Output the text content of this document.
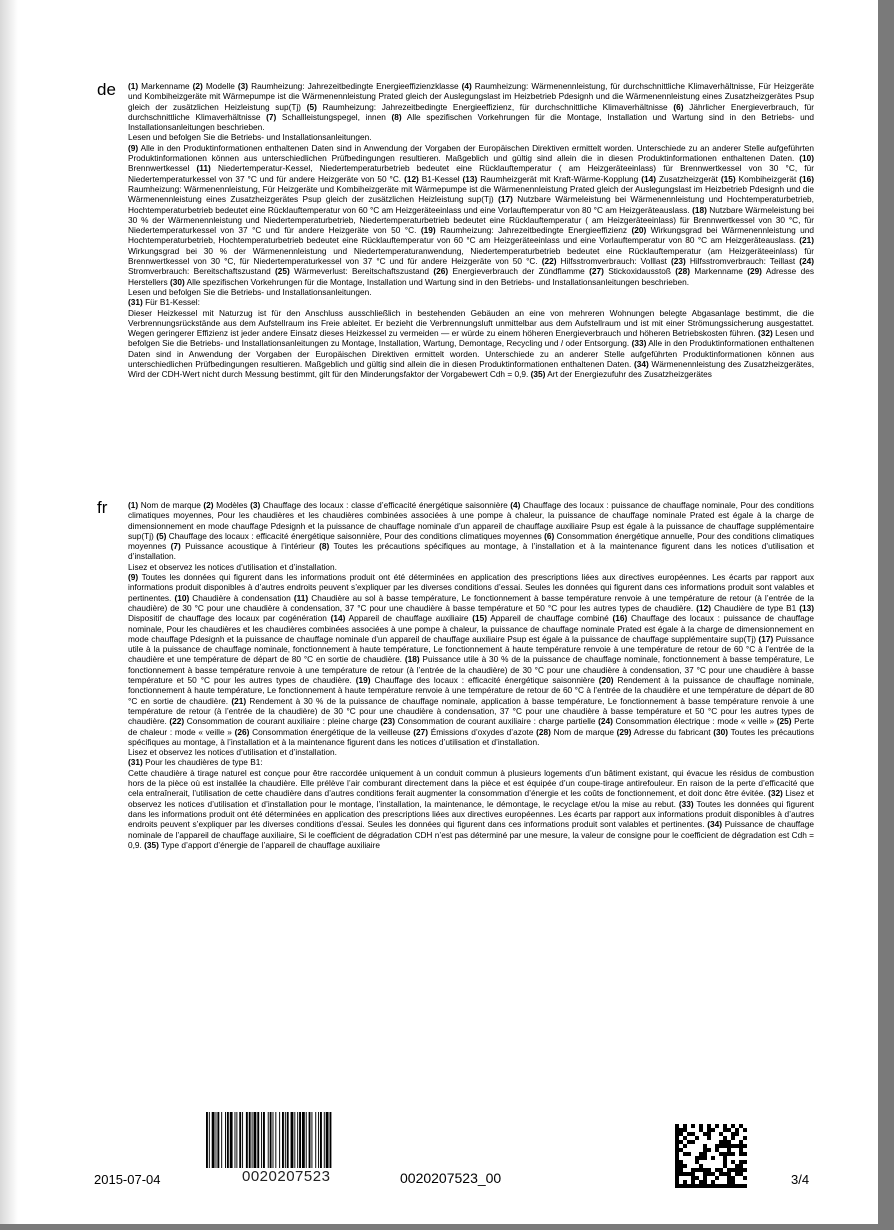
de (1) Markenname (2) Modelle (3) Raumheizung: Jahrezeitbedingte Energieeffizienzklasse (4) Raumheizung: Wärmenennleistung, für durchschnittliche Klimaverhältnisse, Für Heizgeräte und Kombiheizgeräte mit Wärmepumpe ist die Wärmenennleistung Prated gleich der Auslegungslast im Heizbetrieb Pdesignh und die Wärmenennleistung eines Zusatzheizgerätes Psup gleich der zusätzlichen Heizleistung sup(Tj) (5) Raumheizung: Jahrezeitbedingte Energieeffizienz, für durchschnittliche Klimaverhältnisse (6) Jährlicher Energieverbrauch, für durchschnittliche Klimaverhältnisse (7) Schallleistungspegel, innen (8) Alle spezifischen Vorkehrungen für die Montage, Installation und Wartung sind in den Betriebs- und Installationsanleitungen beschrieben.

Lesen und befolgen Sie die Betriebs- und Installationsanleitungen.

(9) Alle in den Produktinformationen enthaltenen Daten sind in Anwendung der Vorgaben der Europäischen Direktiven ermittelt worden. Unterschiede zu an anderer Stelle aufgeführten Produktinformationen können aus unterschiedlichen Prüfbedingungen resultieren. Maßgeblich und gültig sind allein die in diesen Produktinformationen enthaltenen Daten. (10) Brennwertkessel (11) Niedertemperatur-Kessel, Niedertemperaturbetrieb bedeutet eine Rücklauftemperatur ( am Heizgeräteeinlass) für Brennwertkessel von 30 °C, für Niedertemperaturkessel von 37 °C und für andere Heizgeräte von 50 °C. (12) B1-Kessel (13) Raumheizgerät mit Kraft-Wärme-Kopplung (14) Zusatzheizgerät (15) Kombiheizgerät (16) Raumheizung: Wärmenennleistung, Für Heizgeräte und Kombiheizgeräte mit Wärmepumpe ist die Wärmenennleistung Prated gleich der Auslegungslast im Heizbetrieb Pdesignh und die Wärmenennleistung eines Zusatzheizgerätes Psup gleich der zusätzlichen Heizleistung sup(Tj) (17) Nutzbare Wärmeleistung bei Wärmenennleistung und Hochtemperaturbetrieb, Hochtemperaturbetrieb bedeutet eine Rücklauftemperatur von 60 °C am Heizgeräteeinlass und eine Vorlauftemperatur von 80 °C am Heizgeräteauslass. (18) Nutzbare Wärmeleistung bei 30 % der Wärmenennleistung und Niedertemperaturbetrieb, Niedertemperaturbetrieb bedeutet eine Rücklauftemperatur ( am Heizgeräteeinlass) für Brennwertkessel von 30 °C, für Niedertemperaturkessel von 37 °C und für andere Heizgeräte von 50 °C. (19) Raumheizung: Jahrezeitbedingte Energieeffizienz (20) Wirkungsgrad bei Wärmenennleistung und Hochtemperaturbetrieb, Hochtemperaturbetrieb bedeutet eine Rücklauftemperatur von 60 °C am Heizgeräteeinlass und eine Vorlauftemperatur von 80 °C am Heizgeräteauslass. (21) Wirkungsgrad bei 30 % der Wärmenennleistung und Niedertemperaturanwendung, Niedertemperaturbetrieb bedeutet eine Rücklauftemperatur (am Heizgeräteeinlass) für Brennwertkessel von 30 °C, für Niedertemperaturkessel von 37 °C und für andere Heizgeräte von 50 °C. (22) Hilfsstromverbrauch: Volllast (23) Hilfsstromverbrauch: Teillast (24) Stromverbrauch: Bereitschaftszustand (25) Wärmeverlust: Bereitschaftszustand (26) Energieverbrauch der Zündflamme (27) Stickoxidausstoß (28) Markenname (29) Adresse des Herstellers (30) Alle spezifischen Vorkehrungen für die Montage, Installation und Wartung sind in den Betriebs- und Installationsanleitungen beschrieben.

Lesen und befolgen Sie die Betriebs- und Installationsanleitungen.

(31) Für B1-Kessel:

Dieser Heizkessel mit Naturzug ist für den Anschluss ausschließlich in bestehenden Gebäuden an eine von mehreren Wohnungen belegte Abgasanlage bestimmt, die die Verbrennungsrückstände aus dem Aufstellraum ins Freie ableitet. Er bezieht die Verbrennungsluft unmittelbar aus dem Aufstellraum und ist mit einer Strömungssicherung ausgestattet. Wegen geringerer Effizienz ist jeder andere Einsatz dieses Heizkessel zu vermeiden — er würde zu einem höheren Energieverbrauch und höheren Betriebskosten führen. (32) Lesen und befolgen Sie die Betriebs- und Installationsanleitungen zu Montage, Installation, Wartung, Demontage, Recycling und / oder Entsorgung. (33) Alle in den Produktinformationen enthaltenen Daten sind in Anwendung der Vorgaben der Europäischen Direktiven ermittelt worden. Unterschiede zu an anderer Stelle aufgeführten Produktinformationen können aus unterschiedlichen Prüfbedingungen resultieren. Maßgeblich und gültig sind allein die in diesen Produktinformationen enthaltenen Daten. (34) Wärmenennleistung des Zusatzheizgerätes, Wird der CDH-Wert nicht durch Messung bestimmt, gilt für den Minderungsfaktor der Vorgabewert Cdh = 0,9. (35) Art der Energiezufuhr des Zusatzheizgerätes

fr (1) Nom de marque (2) Modèles (3) Chauffage des locaux : classe d’efficacité énergétique saisonnière (4) Chauffage des locaux : puissance de chauffage nominale, Pour des conditions climatiques moyennes, Pour les chaudières et les chaudières combinées associées à une pompe à chaleur, la puissance de chauffage nominale Prated est égale à la charge de dimensionnement en mode chauffage Pdesignh et la puissance de chauffage nominale d’un appareil de chauffage auxiliaire Psup est égale à la puissance de chauffage supplémentaire sup(Tj) (5) Chauffage des locaux : efficacité énergétique saisonnière, Pour des conditions climatiques moyennes (6) Consommation énergétique annuelle, Pour des conditions climatiques moyennes (7) Puissance acoustique à l’intérieur (8) Toutes les précautions spécifiques au montage, à l’installation et à la maintenance figurent dans les notices d’utilisation et d’installation.

Lisez et observez les notices d’utilisation et d’installation.

(9) Toutes les données qui figurent dans les informations produit ont été déterminées en application des prescriptions liées aux directives européennes. Les écarts par rapport aux informations produit disponibles à d’autres endroits peuvent s’expliquer par les diverses conditions d’essai. Seules les données qui figurent dans ces informations produit sont valables et pertinentes. (10) Chaudière à condensation (11) Chaudière au sol à basse température, Le fonctionnement à basse température renvoie à une température de retour (à l’entrée de la chaudière) de 30 °C pour une chaudière à condensation, 37 °C pour une chaudière à basse température et 50 °C pour les autres types de chaudière. (12) Chaudière de type B1 (13) Dispositif de chauffage des locaux par cogénération (14) Appareil de chauffage auxiliaire (15) Appareil de chauffage combiné (16) Chauffage des locaux : puissance de chauffage nominale, Pour les chaudières et les chaudières combinées associées à une pompe à chaleur, la puissance de chauffage nominale Prated est égale à la charge de dimensionnement en mode chauffage Pdesignh et la puissance de chauffage nominale d’un appareil de chauffage auxiliaire Psup est égale à la puissance de chauffage supplémentaire sup(Tj) (17) Puissance utile à la puissance de chauffage nominale, fonctionnement à haute température, Le fonctionnement à haute température renvoie à une température de retour de 60 °C à l’entrée de la chaudière et une température de départ de 80 °C en sortie de chaudière. (18) Puissance utile à 30 % de la puissance de chauffage nominale, fonctionnement à basse température, Le fonctionnement à basse température renvoie à une température de retour (à l’entrée de la chaudière) de 30 °C pour une chaudière à condensation, 37 °C pour une chaudière à basse température et 50 °C pour les autres types de chaudière. (19) Chauffage des locaux : efficacité énergétique saisonnière (20) Rendement à la puissance de chauffage nominale, fonctionnement à haute température, Le fonctionnement à haute température renvoie à une température de retour de 60 °C à l’entrée de la chaudière et une température de départ de 80 °C en sortie de chaudière. (21) Rendement à 30 % de la puissance de chauffage nominale, application à basse température, Le fonctionnement à basse température renvoie à une température de retour (à l’entrée de la chaudière) de 30 °C pour une chaudière à condensation, 37 °C pour une chaudière à basse température et 50 °C pour les autres types de chaudière. (22) Consommation de courant auxiliaire : pleine charge (23) Consommation de courant auxiliaire : charge partielle (24) Consommation électrique : mode « veille » (25) Perte de chaleur : mode « veille » (26) Consommation énergétique de la veilleuse (27) Émissions d’oxydes d’azote (28) Nom de marque (29) Adresse du fabricant (30) Toutes les précautions spécifiques au montage, à l’installation et à la maintenance figurent dans les notices d’utilisation et d’installation.

Lisez et observez les notices d’utilisation et d’installation.

(31) Pour les chaudières de type B1:

Cette chaudière à tirage naturel est conçue pour être raccordée uniquement à un conduit commun à plusieurs logements d’un bâtiment existant, qui évacue les résidus de combustion hors de la pièce où est installée la chaudière. Elle prélève l’air comburant directement dans la pièce et est équipée d’un coupe-tirage antirefouleur. En raison de la perte d’efficacité que cela entraînerait, l’utilisation de cette chaudière dans d’autres conditions ferait augmenter la consommation d’énergie et les coûts de fonctionnement, et doit donc être évitée. (32) Lisez et observez les notices d’utilisation et d’installation pour le montage, l’installation, la maintenance, le démontage, le recyclage et/ou la mise au rebut. (33) Toutes les données qui figurent dans les informations produit ont été déterminées en application des prescriptions liées aux directives européennes. Les écarts par rapport aux informations produit disponibles à d’autres endroits peuvent s’expliquer par les diverses conditions d’essai. Seules les données qui figurent dans ces informations produit sont valables et pertinentes. (34) Puissance de chauffage nominale de l’appareil de chauffage auxiliaire, Si le coefficient de dégradation CDH n’est pas déterminé par une mesure, la valeur de consigne pour le coefficient de dégradation est Cdh = 0,9. (35) Type d’apport d’énergie de l’appareil de chauffage auxiliaire

2015-07-04	0020207523	0020207523_00	3/4
